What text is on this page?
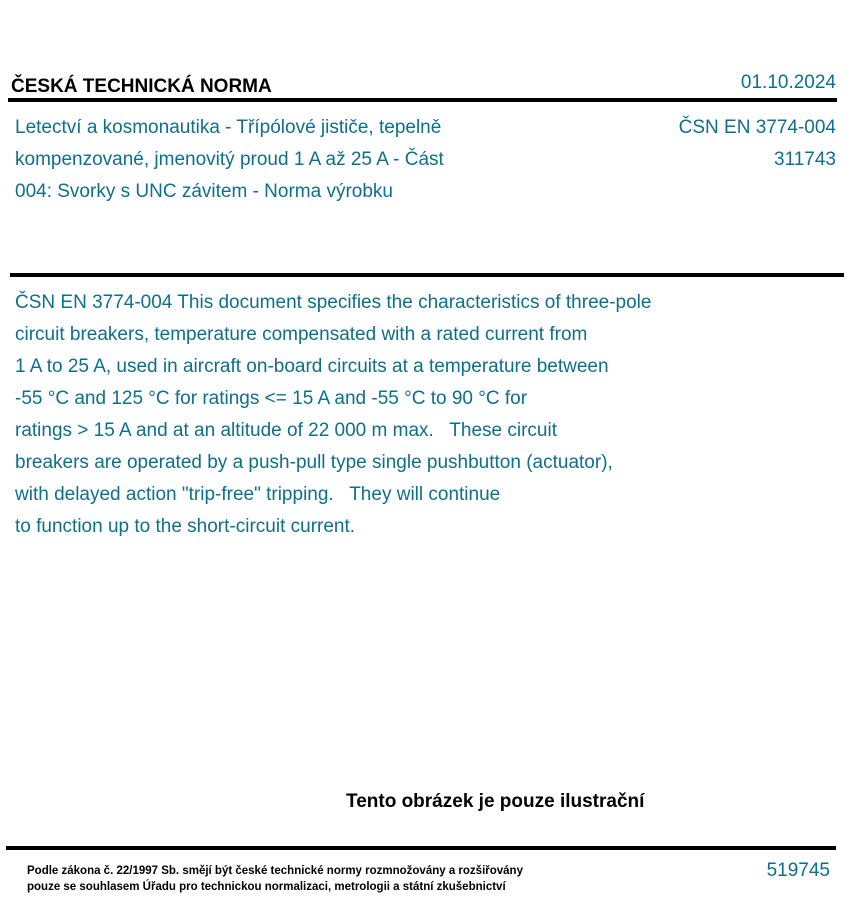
ČESKÁ TECHNICKÁ NORMA	01.10.2024
Letectví a kosmonautika - Třípólové jističe, tepelně
kompenzované, jmenovitý proud 1 A až 25 A - Část
004: Svorky s UNC závitem - Norma výrobku
ČSN EN 3774-004
311743
ČSN EN 3774-004 This document specifies the characteristics of three-pole
circuit breakers, temperature compensated with a rated current from
1 A to 25 A, used in aircraft on-board circuits at a temperature between
-55 °C and 125 °C for ratings <= 15 A and -55 °C to 90 °C for
ratings > 15 A and at an altitude of 22 000 m max.   These circuit
breakers are operated by a push-pull type single pushbutton (actuator),
with delayed action "trip-free" tripping.   They will continue
to function up to the short-circuit current.
Tento obrázek je pouze ilustrační
Podle zákona č. 22/1997 Sb. smějí být české technické normy rozmnožovány a rozšiřovány
pouze se souhlasem Úřadu pro technickou normalizaci, metrologii a státní zkušebnictví
519745
